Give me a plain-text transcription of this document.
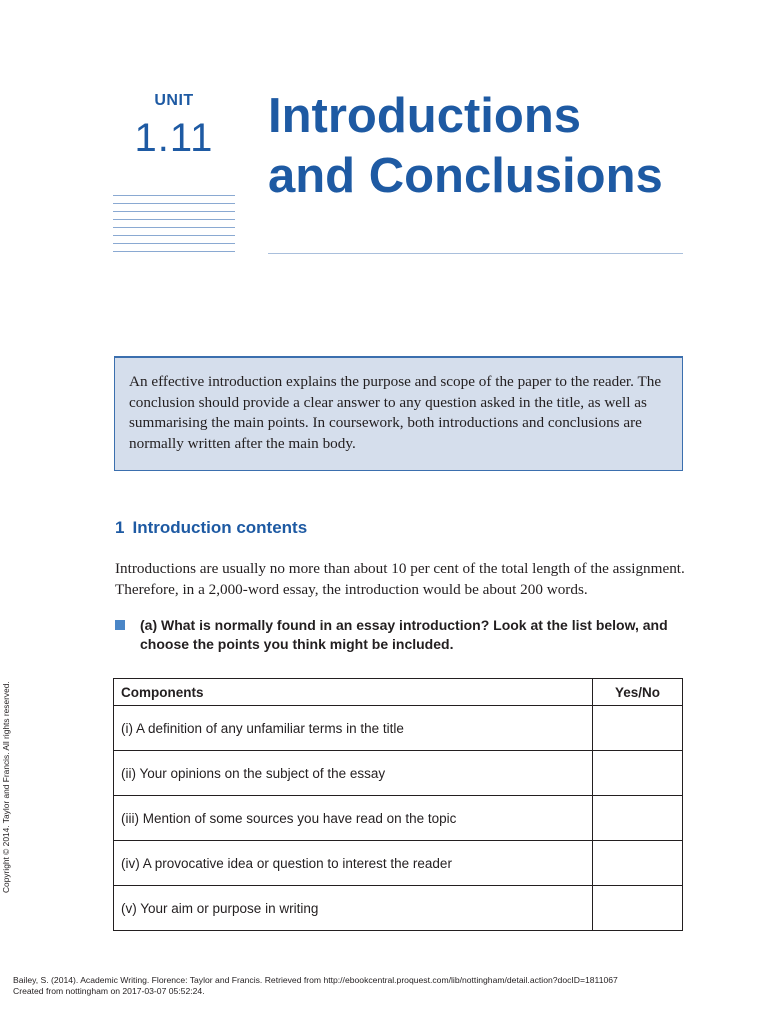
UNIT
1.11	Introductions
and Conclusions
An effective introduction explains the purpose and scope of the paper to the reader. The conclusion should provide a clear answer to any question asked in the title, as well as summarising the main points. In coursework, both introductions and conclusions are normally written after the main body.
1 Introduction contents

Introductions are usually no more than about 10 per cent of the total length of the assignment. Therefore, in a 2,000-word essay, the introduction would be about 200 words.

(a) What is normally found in an essay introduction? Look at the list below, and choose the points you think might be included.
Components	Yes/No
(i) A definition of any unfamiliar terms in the title	
(ii) Your opinions on the subject of the essay	
(iii) Mention of some sources you have read on the topic	
(iv) A provocative idea or question to interest the reader	
(v) Your aim or purpose in writing	
Copyright © 2014. Taylor and Francis. All rights reserved.
Bailey, S. (2014). Academic Writing. Florence: Taylor and Francis. Retrieved from http://ebookcentral.proquest.com/lib/nottingham/detail.action?docID=1811067
Created from nottingham on 2017-03-07 05:52:24.
